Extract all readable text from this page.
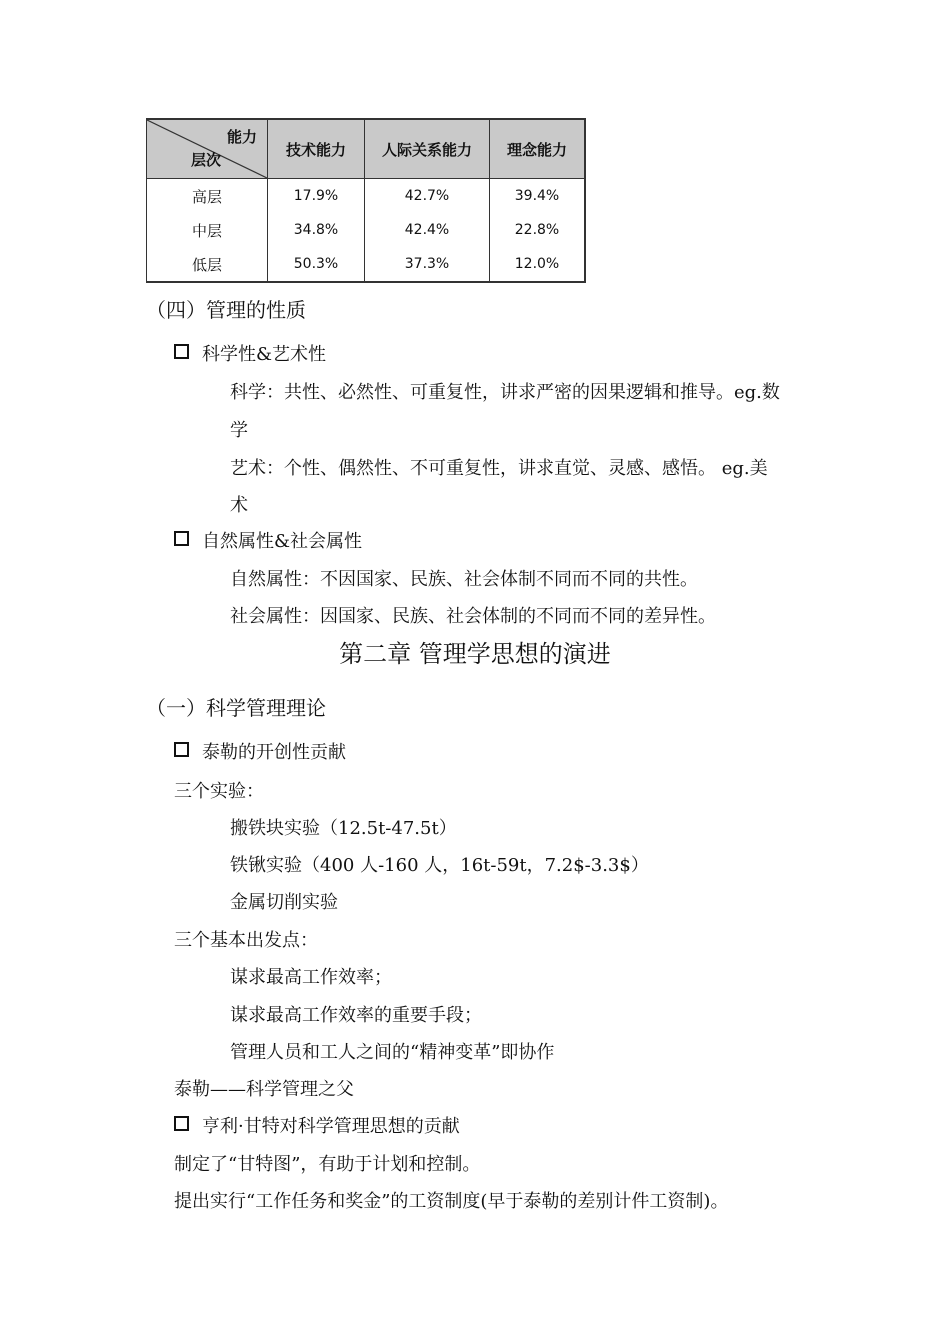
能力
层次	技术能力	人际关系能力	理念能力
高层	17.9%	42.7%	39.4%
中层	34.8%	42.4%	22.8%
低层	50.3%	37.3%	12.0%
（四）管理的性质
科学性&艺术性
科学：共性、必然性、可重复性，讲求严密的因果逻辑和推导。eg.数
学
艺术：个性、偶然性、不可重复性，讲求直觉、灵感、感悟。 eg.美
术
自然属性&社会属性
自然属性：不因国家、民族、社会体制不同而不同的共性。
社会属性：因国家、民族、社会体制的不同而不同的差异性。
第二章 管理学思想的演进
（一）科学管理理论
泰勒的开创性贡献
三个实验：
搬铁块实验（12.5t-47.5t）
铁锹实验（400 人-160 人，16t-59t，7.2$-3.3$）
金属切削实验
三个基本出发点：
谋求最高工作效率；
谋求最高工作效率的重要手段；
管理人员和工人之间的“精神变革”即协作
泰勒——科学管理之父
亨利·甘特对科学管理思想的贡献
制定了“甘特图”，有助于计划和控制。
提出实行“工作任务和奖金”的工资制度(早于泰勒的差别计件工资制)。
